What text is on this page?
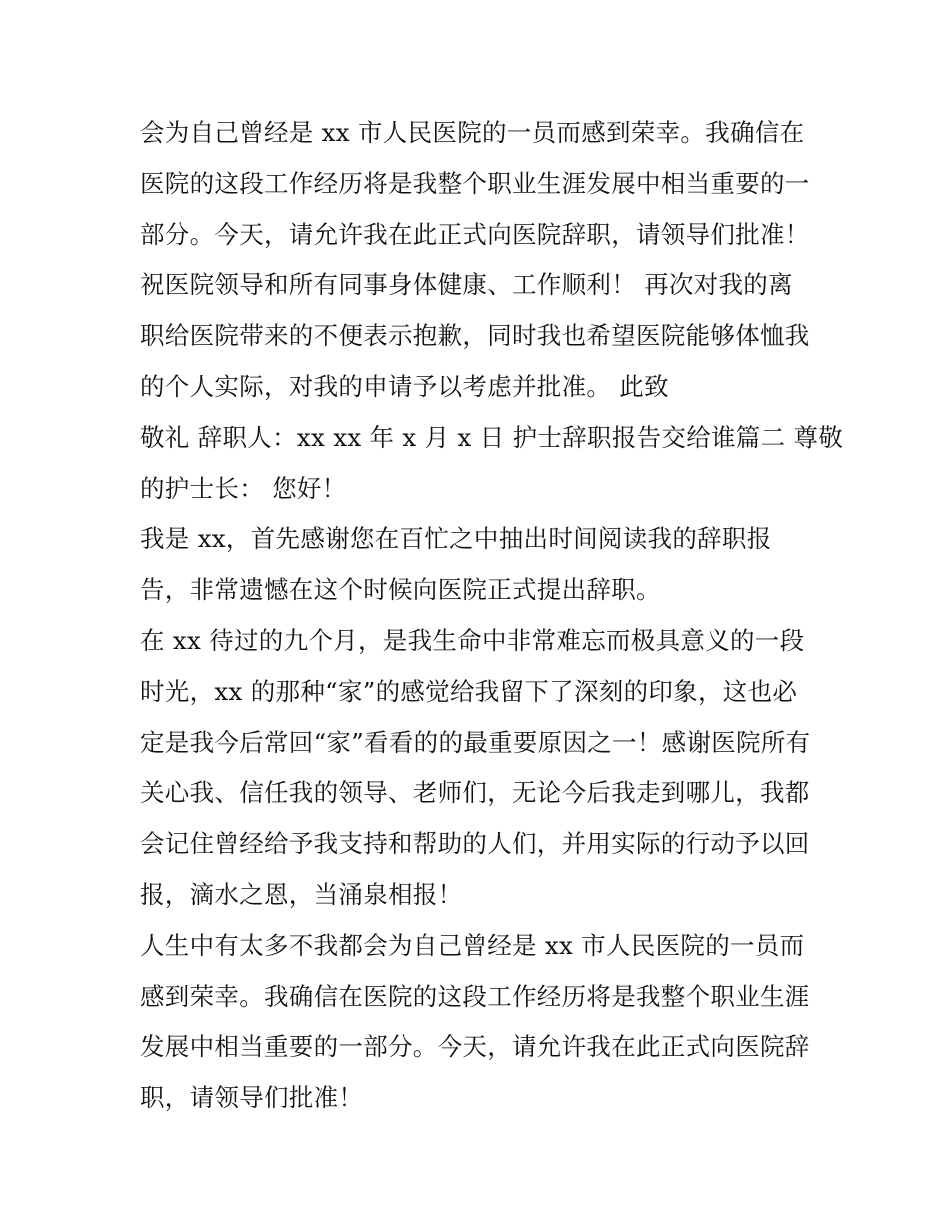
会为自己曾经是 xx 市人民医院的一员而感到荣幸。我确信在
医院的这段工作经历将是我整个职业生涯发展中相当重要的一
部分。今天，请允许我在此正式向医院辞职，请领导们批准！
祝医院领导和所有同事身体健康、工作顺利！ 再次对我的离
职给医院带来的不便表示抱歉，同时我也希望医院能够体恤我
的个人实际，对我的申请予以考虑并批准。 此致
敬礼 辞职人：xx xx 年 x 月 x 日 护士辞职报告交给谁篇二 尊敬
的护士长： 您好！
我是 xx，首先感谢您在百忙之中抽出时间阅读我的辞职报
告，非常遗憾在这个时候向医院正式提出辞职。
在 xx 待过的九个月，是我生命中非常难忘而极具意义的一段
时光，xx 的那种“家”的感觉给我留下了深刻的印象，这也必
定是我今后常回“家”看看的的最重要原因之一！感谢医院所有
关心我、信任我的领导、老师们，无论今后我走到哪儿，我都
会记住曾经给予我支持和帮助的人们，并用实际的行动予以回
报，滴水之恩，当涌泉相报！
人生中有太多不我都会为自己曾经是 xx 市人民医院的一员而
感到荣幸。我确信在医院的这段工作经历将是我整个职业生涯
发展中相当重要的一部分。今天，请允许我在此正式向医院辞
职，请领导们批准！
